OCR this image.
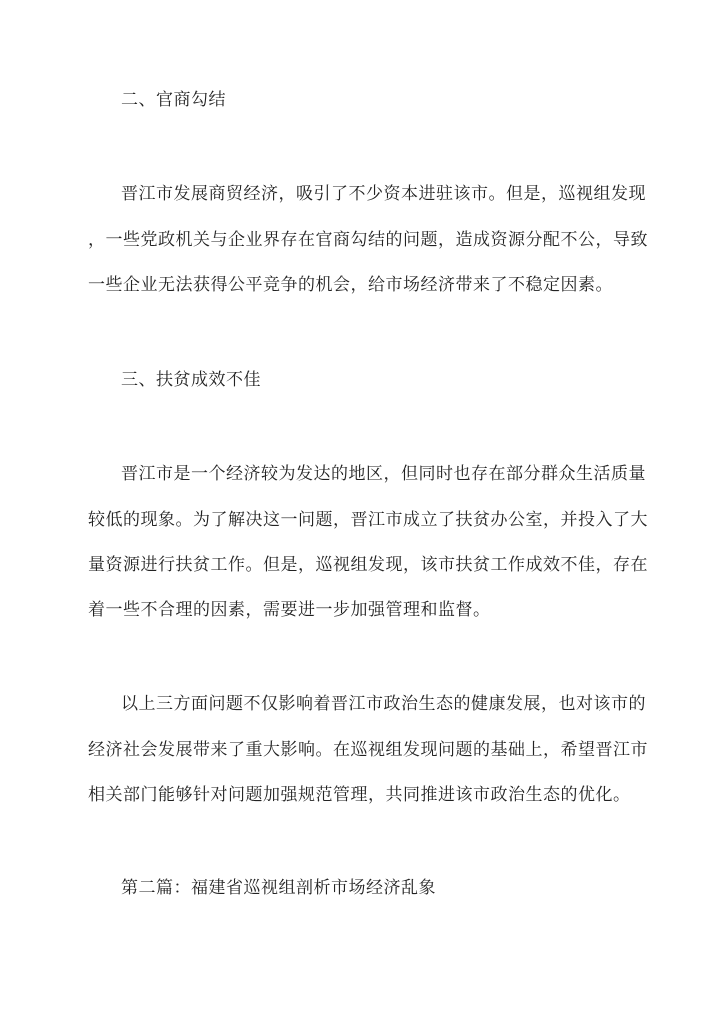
二、官商勾结
晋江市发展商贸经济，吸引了不少资本进驻该市。但是，巡视组发现
，一些党政机关与企业界存在官商勾结的问题，造成资源分配不公，导致
一些企业无法获得公平竞争的机会，给市场经济带来了不稳定因素。
三、扶贫成效不佳
晋江市是一个经济较为发达的地区，但同时也存在部分群众生活质量
较低的现象。为了解决这一问题，晋江市成立了扶贫办公室，并投入了大
量资源进行扶贫工作。但是，巡视组发现，该市扶贫工作成效不佳，存在
着一些不合理的因素，需要进一步加强管理和监督。
以上三方面问题不仅影响着晋江市政治生态的健康发展，也对该市的
经济社会发展带来了重大影响。在巡视组发现问题的基础上，希望晋江市
相关部门能够针对问题加强规范管理，共同推进该市政治生态的优化。
第二篇：福建省巡视组剖析市场经济乱象
